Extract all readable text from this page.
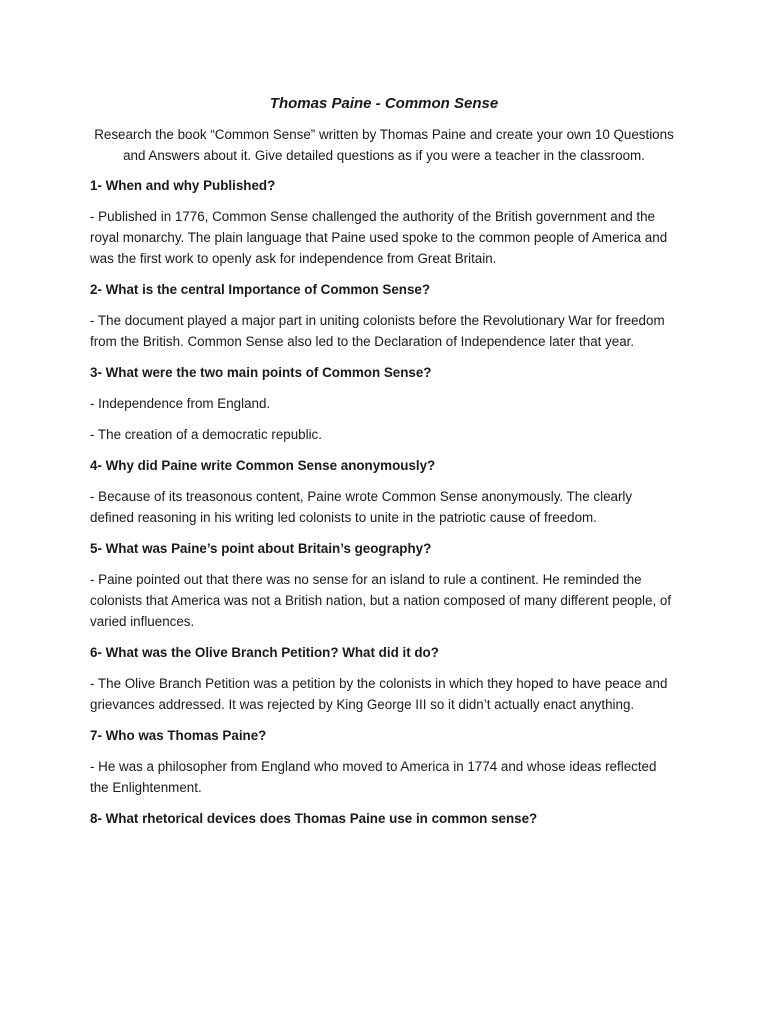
Thomas Paine - Common Sense

Research the book “Common Sense” written by Thomas Paine and create your own 10 Questions and Answers about it. Give detailed questions as if you were a teacher in the classroom.

1- When and why Published?

- Published in 1776, Common Sense challenged the authority of the British government and the royal monarchy. The plain language that Paine used spoke to the common people of America and was the first work to openly ask for independence from Great Britain.

2- What is the central Importance of Common Sense?

- The document played a major part in uniting colonists before the Revolutionary War for freedom from the British. Common Sense also led to the Declaration of Independence later that year.

3- What were the two main points of Common Sense?

- Independence from England.

- The creation of a democratic republic.

4- Why did Paine write Common Sense anonymously?

- Because of its treasonous content, Paine wrote Common Sense anonymously. The clearly defined reasoning in his writing led colonists to unite in the patriotic cause of freedom.

5- What was Paine’s point about Britain’s geography?

- Paine pointed out that there was no sense for an island to rule a continent. He reminded the colonists that America was not a British nation, but a nation composed of many different people, of varied influences.

6- What was the Olive Branch Petition? What did it do?

- The Olive Branch Petition was a petition by the colonists in which they hoped to have peace and grievances addressed. It was rejected by King George III so it didn’t actually enact anything.

7- Who was Thomas Paine?

- He was a philosopher from England who moved to America in 1774 and whose ideas reflected the Enlightenment.

8- What rhetorical devices does Thomas Paine use in common sense?
